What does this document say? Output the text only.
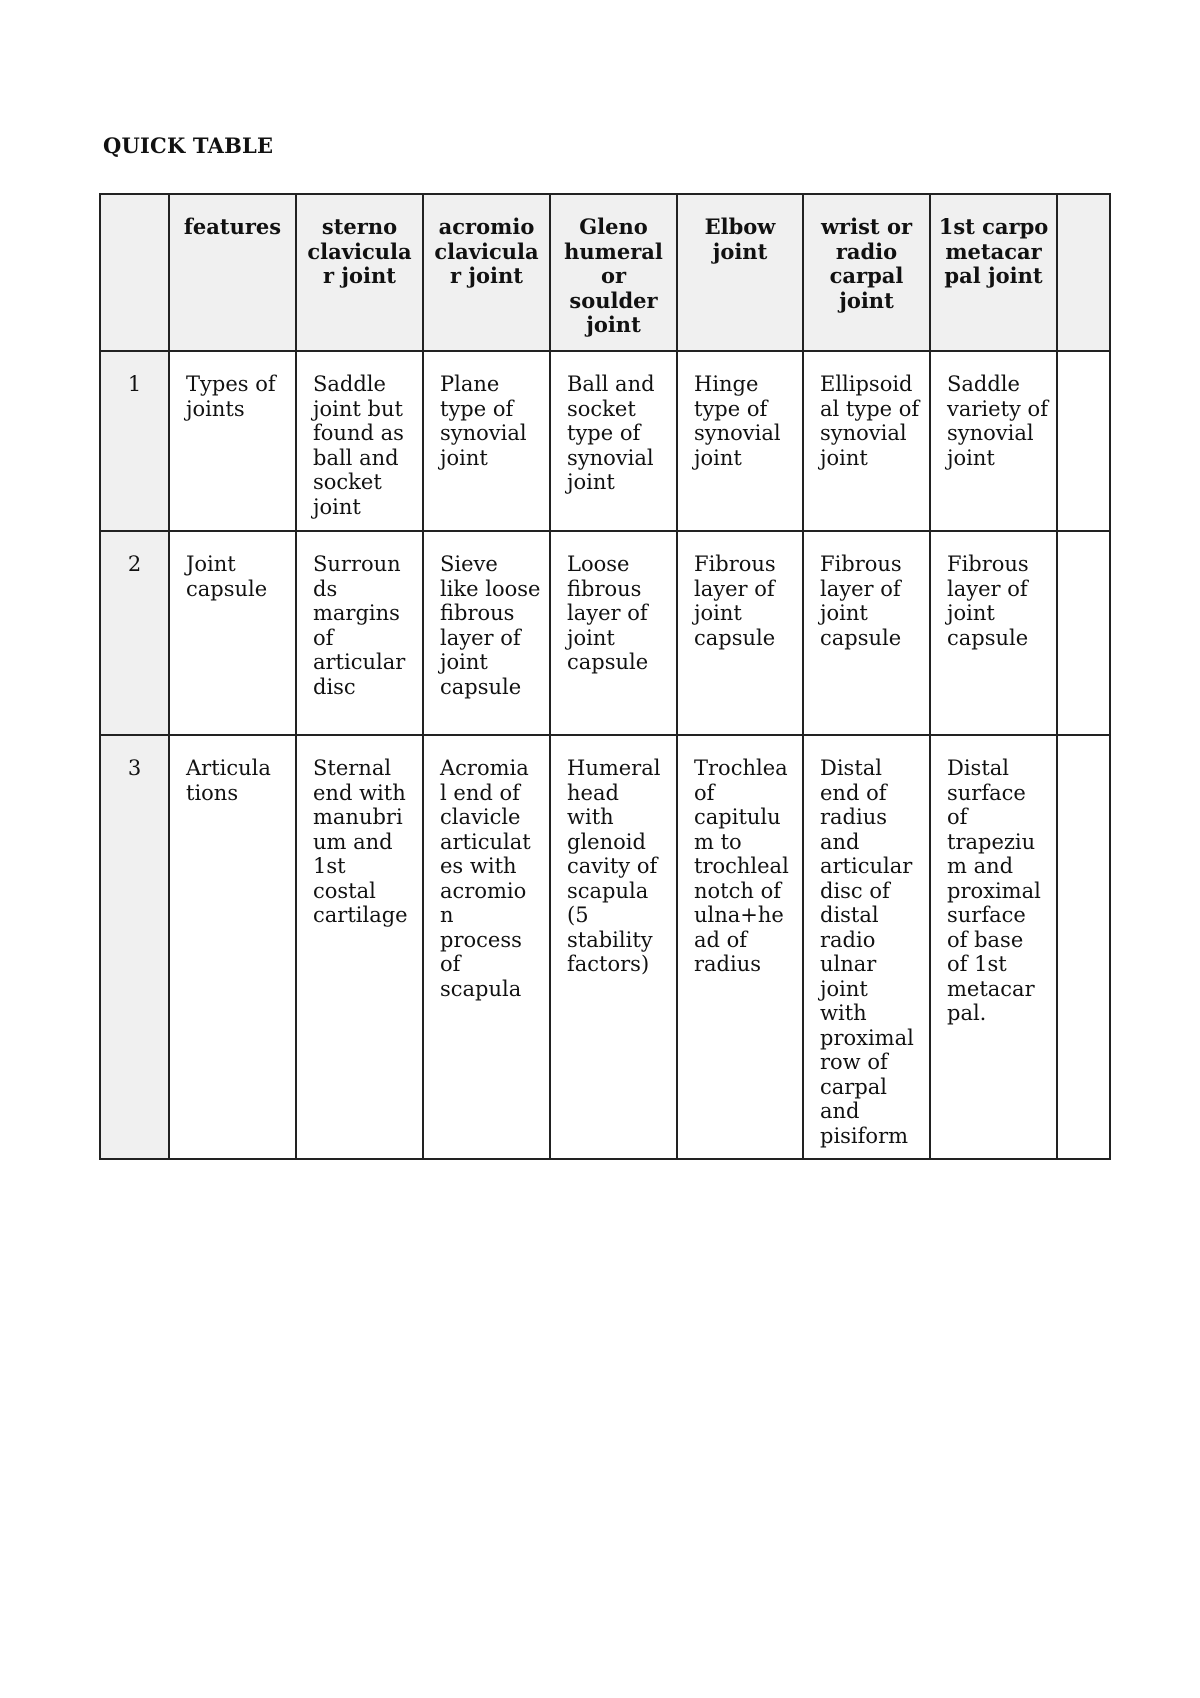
QUICK TABLE
	features	sterno clavicula r joint	acromio clavicula r joint	Gleno humeral or soulder joint	Elbow joint	wrist or radio carpal joint	1st carpo metacar pal joint	
1	Types of joints	Saddle joint but found as ball and socket joint	Plane type of synovial joint	Ball and socket type of synovial joint	Hinge type of synovial joint	Ellipsoid al type of synovial joint	Saddle variety of synovial joint	
2	Joint capsule	Surroun ds margins of articular disc	Sieve like loose fibrous layer of joint capsule	Loose fibrous layer of joint capsule	Fibrous layer of joint capsule	Fibrous layer of joint capsule	Fibrous layer of joint capsule	
3	Articula tions	Sternal end with manubri um and 1st costal cartilage	Acromia l end of clavicle articulat es with acromio n process of scapula	Humeral head with glenoid cavity of scapula (5 stability factors)	Trochlea of capitulu m to trochleal notch of ulna+he ad of radius	Distal end of radius and articular disc of distal radio ulnar joint with proximal row of carpal and pisiform	Distal surface of trapeziu m and proximal surface of base of 1st metacar pal.	
